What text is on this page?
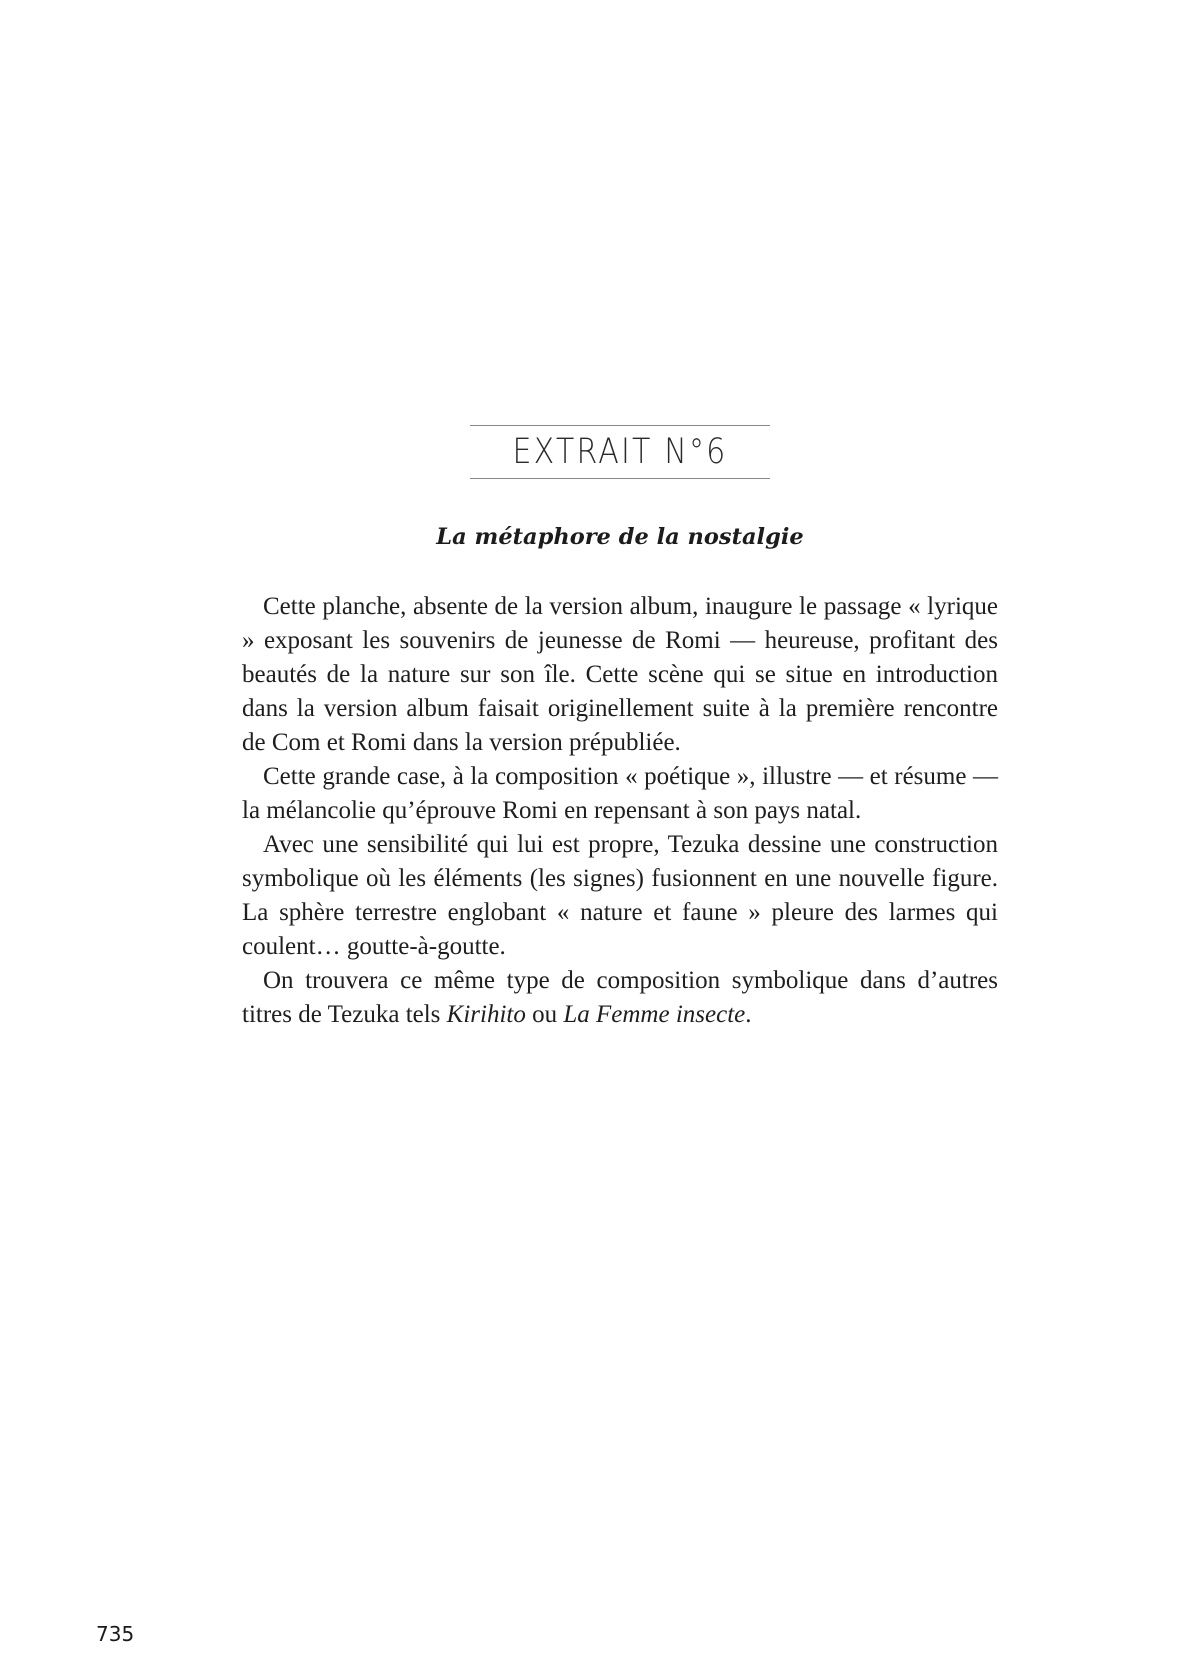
EXTRAIT N°6
La métaphore de la nostalgie

Cette planche, absente de la version album, inaugure le passage « lyrique » exposant les souvenirs de jeunesse de Romi — heureuse, profitant des beautés de la nature sur son île. Cette scène qui se situe en introduction dans la version album faisait originellement suite à la première rencontre de Com et Romi dans la version prépubliée.

Cette grande case, à la composition « poétique », illustre — et résume — la mélancolie qu’éprouve Romi en repensant à son pays natal.

Avec une sensibilité qui lui est propre, Tezuka dessine une construction symbolique où les éléments (les signes) fusionnent en une nouvelle figure. La sphère terrestre englobant « nature et faune » pleure des larmes qui coulent… goutte-à-goutte.

On trouvera ce même type de composition symbolique dans d’autres titres de Tezuka tels Kirihito ou La Femme insecte.

735
